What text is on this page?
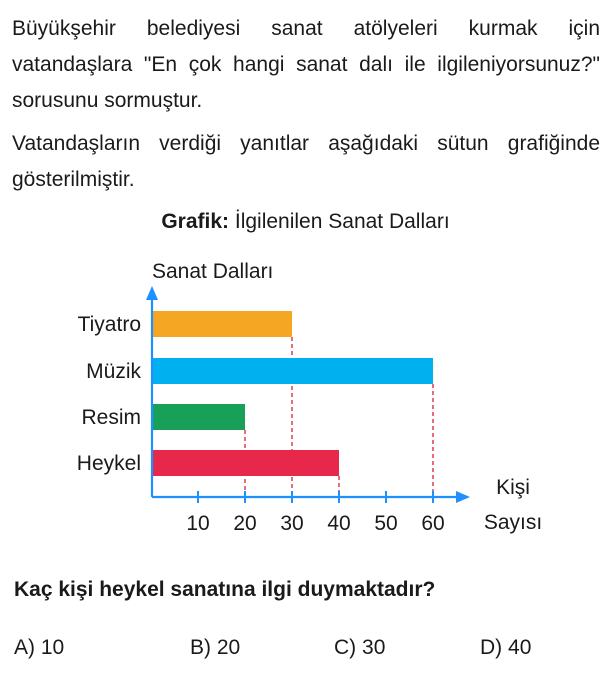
Büyükşehir belediyesi sanat atölyeleri kurmak için vatandaşlara "En çok hangi sanat dalı ile ilgileniyorsunuz?" sorusunu sormuştur.

Vatandaşların verdiği yanıtlar aşağıdaki sütun grafiğinde gösterilmiştir.

Grafik: İlgilenilen Sanat Dalları

Tiyatro
Müzik
Resim
Heykel
10 20 30 40 50 60
Sanat Dalları
Kişi
Sayısı

Kaç kişi heykel sanatına ilgi duymaktadır?

A) 10	B) 20	C) 30	D) 40
